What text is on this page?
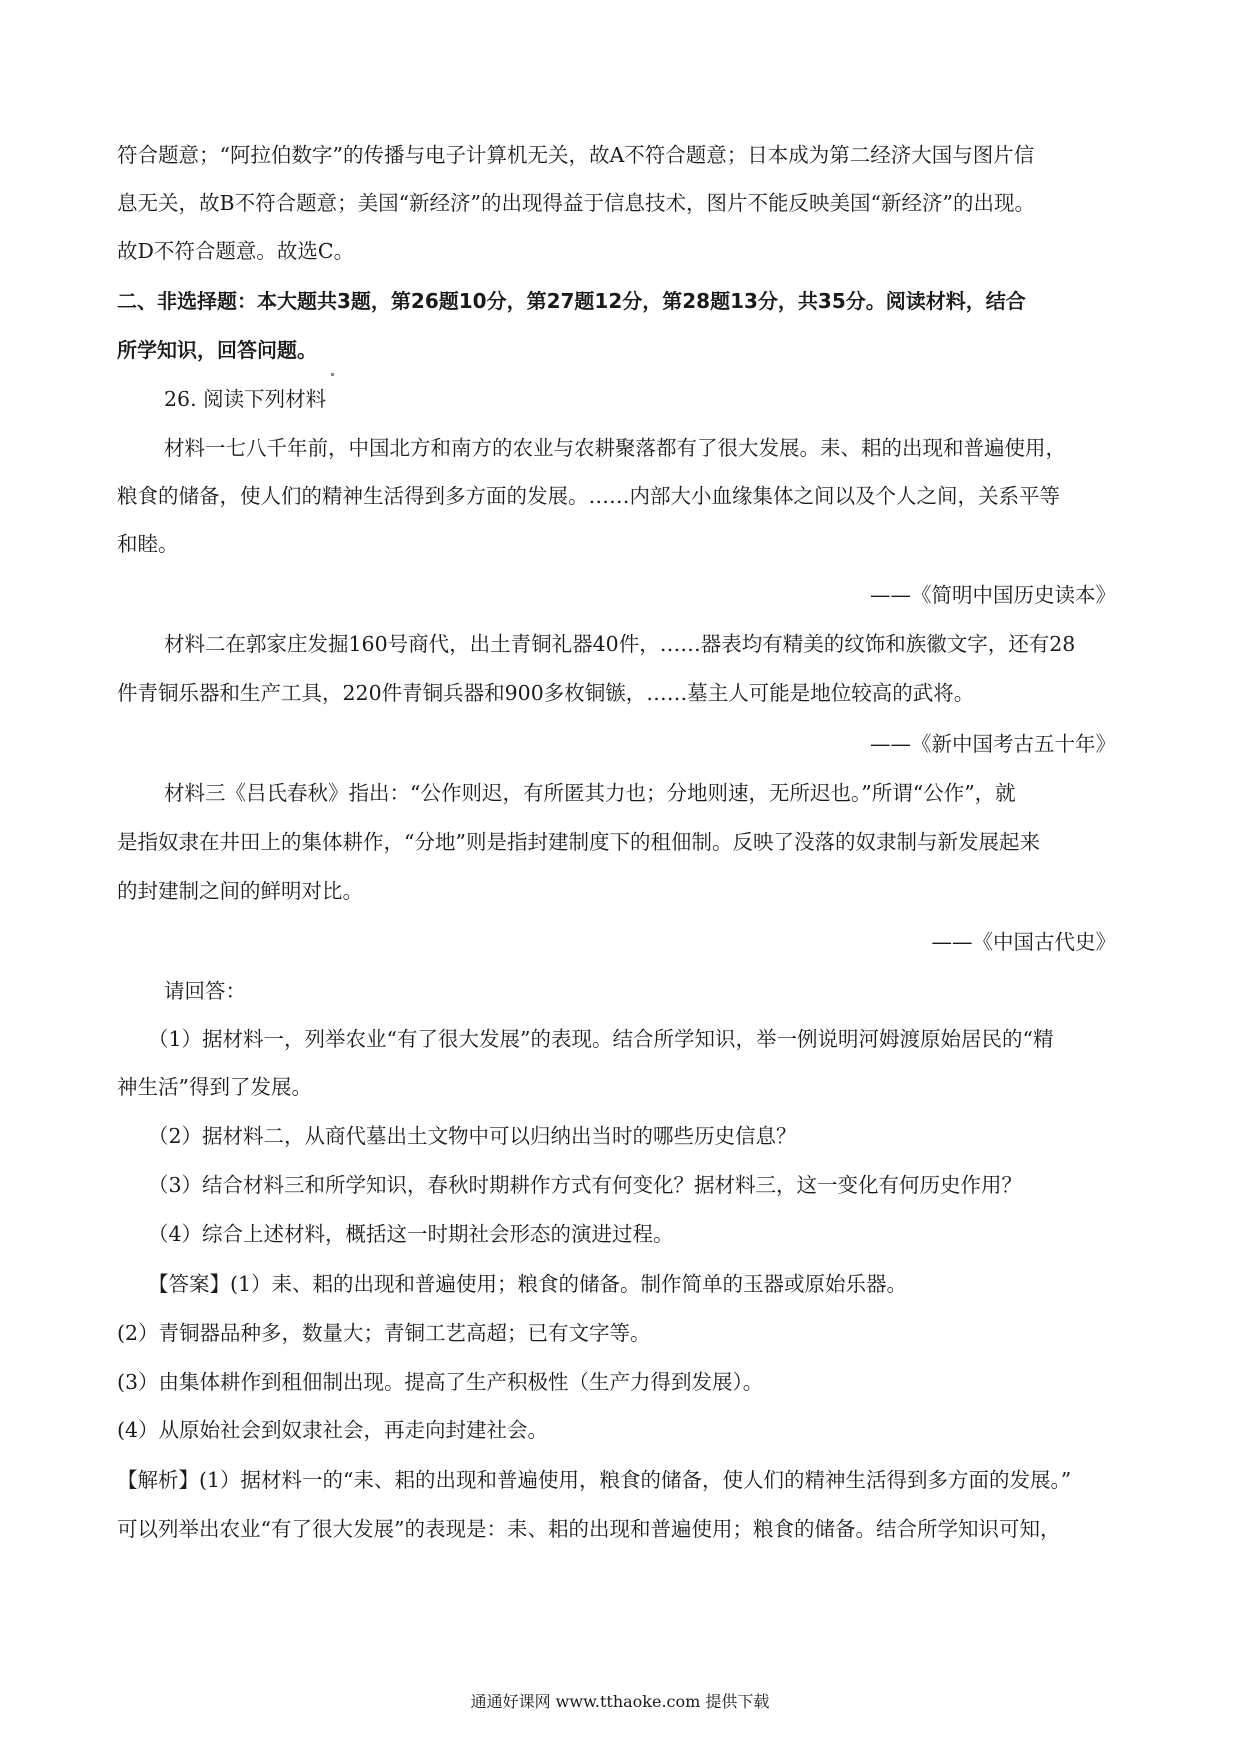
符合题意；“阿拉伯数字”的传播与电子计算机无关，故A不符合题意；日本成为第二经济大国与图片信
息无关，故B不符合题意；美国“新经济”的出现得益于信息技术，图片不能反映美国“新经济”的出现。
故D不符合题意。故选C。
二、非选择题：本大题共3题，第26题10分，第27题12分，第28题13分，共35分。阅读材料，结合
所学知识，回答问题。
26. 阅读下列材料
材料一七八千年前，中国北方和南方的农业与农耕聚落都有了很大发展。耒、耜的出现和普遍使用，
粮食的储备，使人们的精神生活得到多方面的发展。……内部大小血缘集体之间以及个人之间，关系平等
和睦。
——《简明中国历史读本》
材料二在郭家庄发掘160号商代，出土青铜礼器40件，……器表均有精美的纹饰和族徽文字，还有28
件青铜乐器和生产工具，220件青铜兵器和900多枚铜镞，……墓主人可能是地位较高的武将。
——《新中国考古五十年》
材料三《吕氏春秋》指出：“公作则迟，有所匿其力也；分地则速，无所迟也。”所谓“公作”，就
是指奴隶在井田上的集体耕作，“分地”则是指封建制度下的租佃制。反映了没落的奴隶制与新发展起来
的封建制之间的鲜明对比。
——《中国古代史》
请回答：
（1）据材料一，列举农业“有了很大发展”的表现。结合所学知识，举一例说明河姆渡原始居民的“精
神生活”得到了发展。
（2）据材料二，从商代墓出土文物中可以归纳出当时的哪些历史信息？
（3）结合材料三和所学知识，春秋时期耕作方式有何变化？据材料三，这一变化有何历史作用？
（4）综合上述材料，概括这一时期社会形态的演进过程。
【答案】(1）耒、耜的出现和普遍使用；粮食的储备。制作简单的玉器或原始乐器。
(2）青铜器品种多，数量大；青铜工艺高超；已有文字等。
(3）由集体耕作到租佃制出现。提高了生产积极性（生产力得到发展）。
(4）从原始社会到奴隶社会，再走向封建社会。
【解析】(1）据材料一的“耒、耜的出现和普遍使用，粮食的储备，使人们的精神生活得到多方面的发展。”
可以列举出农业“有了很大发展”的表现是：耒、耜的出现和普遍使用；粮食的储备。结合所学知识可知，
通通好课网 www.tthaoke.com 提供下载
